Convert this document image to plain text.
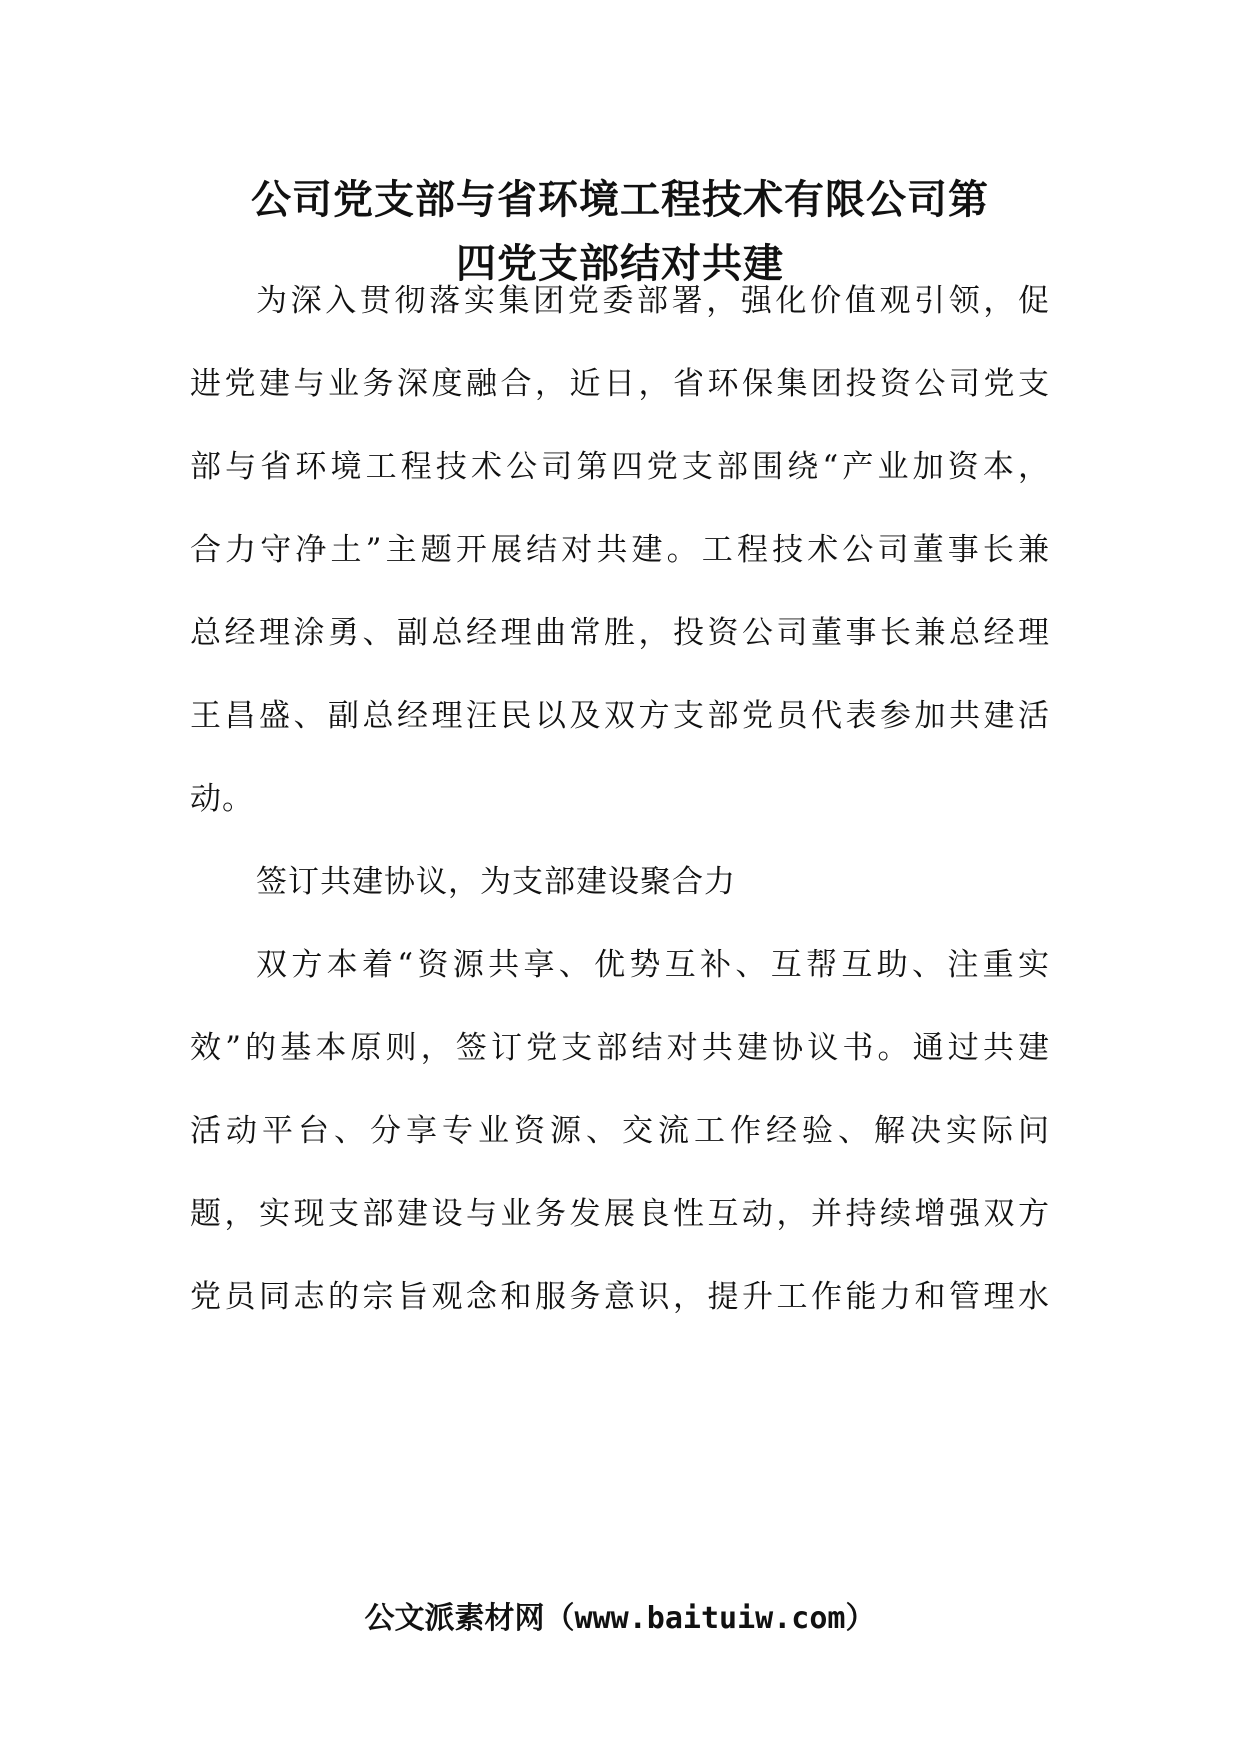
公司党支部与省环境工程技术有限公司第
四党支部结对共建
为深入贯彻落实集团党委部署，强化价值观引领，促
进党建与业务深度融合，近日，省环保集团投资公司党支
部与省环境工程技术公司第四党支部围绕“产业加资本，
合力守净土”主题开展结对共建。工程技术公司董事长兼
总经理涂勇、副总经理曲常胜，投资公司董事长兼总经理
王昌盛、副总经理汪民以及双方支部党员代表参加共建活
动。
签订共建协议，为支部建设聚合力
双方本着“资源共享、优势互补、互帮互助、注重实
效”的基本原则，签订党支部结对共建协议书。通过共建
活动平台、分享专业资源、交流工作经验、解决实际问
题，实现支部建设与业务发展良性互动，并持续增强双方
党员同志的宗旨观念和服务意识，提升工作能力和管理水
公文派素材网（www.baituiw.com）
